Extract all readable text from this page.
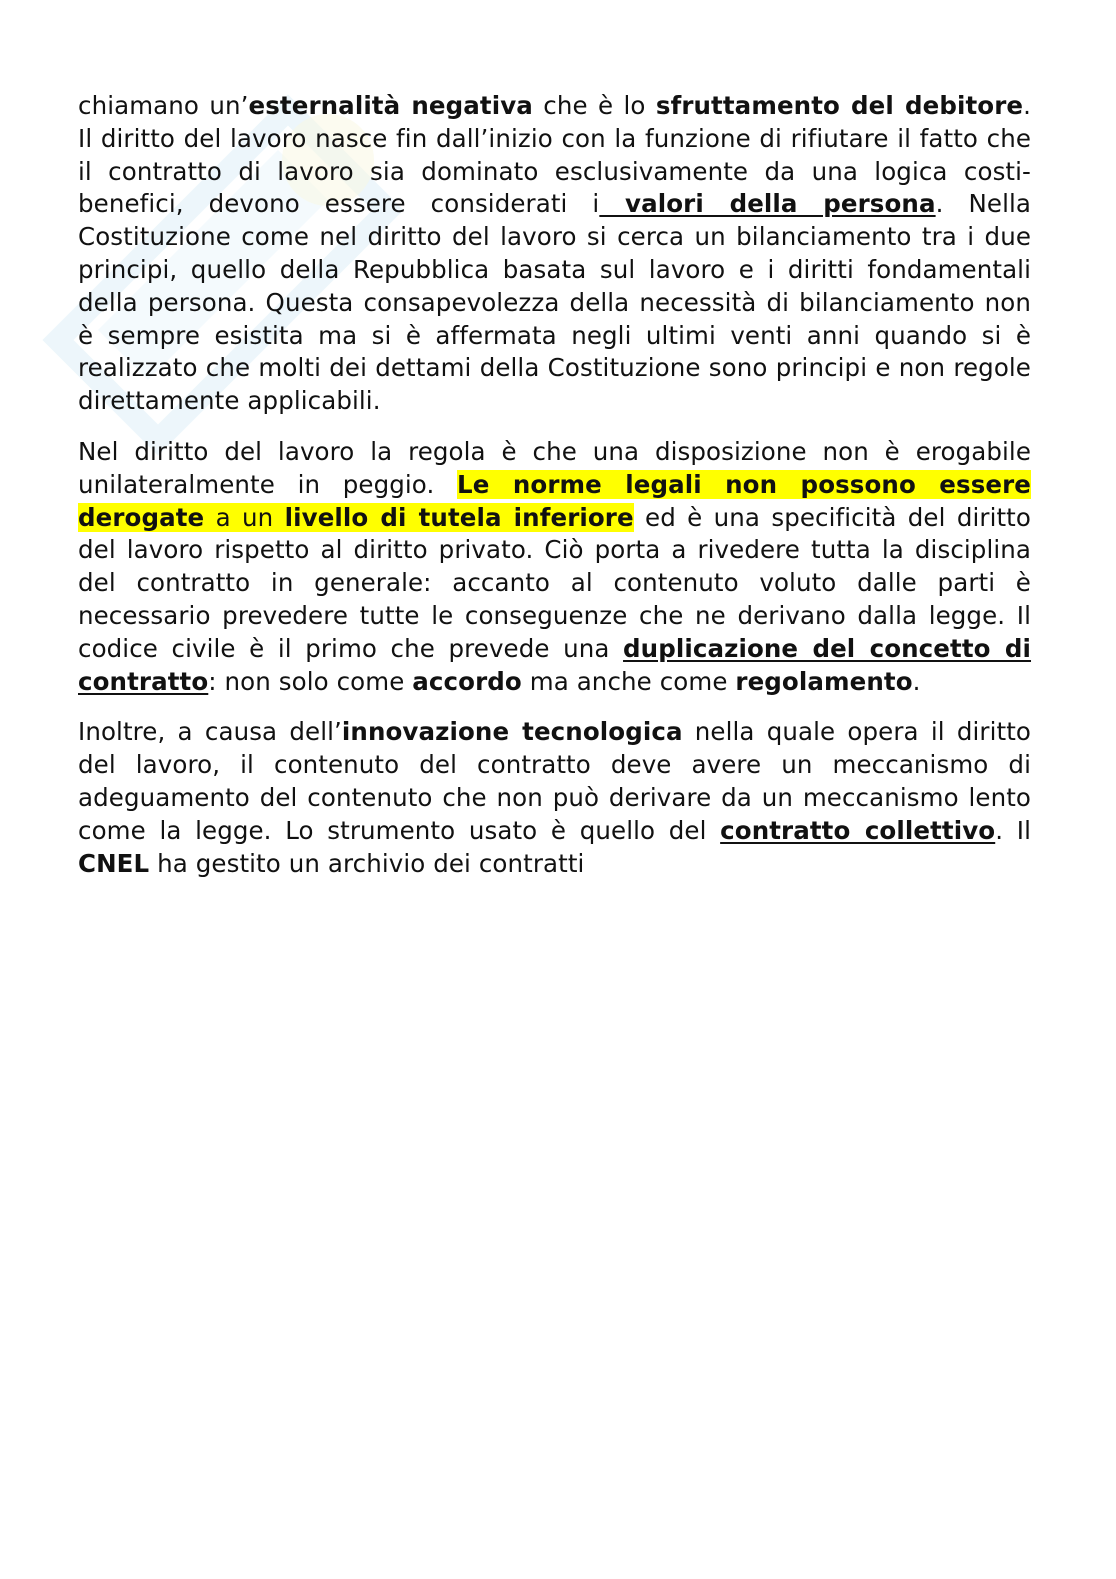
chiamano un’esternalità negativa che è lo sfruttamento del debitore. Il diritto del lavoro nasce fin dall’inizio con la funzione di rifiutare il fatto che il contratto di lavoro sia dominato esclusivamente da una logica costi-benefici, devono essere considerati i valori della persona. Nella Costituzione come nel diritto del lavoro si cerca un bilanciamento tra i due principi, quello della Repubblica basata sul lavoro e i diritti fondamentali della persona. Questa consapevolezza della necessità di bilanciamento non è sempre esistita ma si è affermata negli ultimi venti anni quando si è realizzato che molti dei dettami della Costituzione sono principi e non regole direttamente applicabili.

Nel diritto del lavoro la regola è che una disposizione non è erogabile unilateralmente in peggio. Le norme legali non possono essere derogate a un livello di tutela inferiore ed è una specificità del diritto del lavoro rispetto al diritto privato. Ciò porta a rivedere tutta la disciplina del contratto in generale: accanto al contenuto voluto dalle parti è necessario prevedere tutte le conseguenze che ne derivano dalla legge. Il codice civile è il primo che prevede una duplicazione del concetto di contratto: non solo come accordo ma anche come regolamento.

Inoltre, a causa dell’innovazione tecnologica nella quale opera il diritto del lavoro, il contenuto del contratto deve avere un meccanismo di adeguamento del contenuto che non può derivare da un meccanismo lento come la legge. Lo strumento usato è quello del contratto collettivo. Il CNEL ha gestito un archivio dei contratti
